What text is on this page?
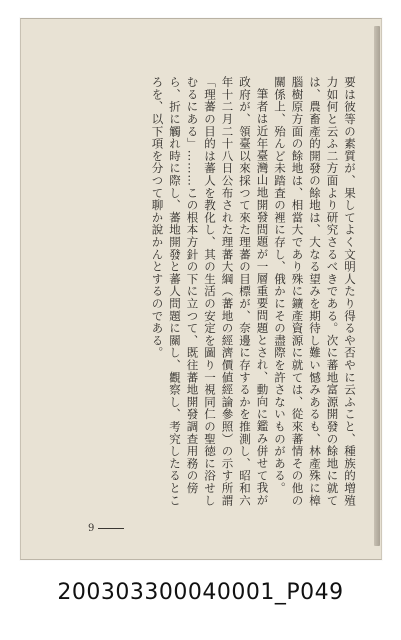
要は彼等の素質が、果してよく文明人たり得るや否やに云ふこと、種族的増殖力如何と云ふ二方面より研究さるべきである。次に蕃地富源開發の餘地に就ては、農畜產的開發の餘地は、大なる望みを期待し難い憾みあるも、林產殊に樟腦樹原方面の餘地は、相當大であり殊に鑛產資源に就ては、從來蕃情その他の關係上、殆んど未踏査の裡に存し、俄かにその盡際を許さないものがある。

筆者は近年臺灣山地開發問題が一層重要問題とされ、動向に鑑み併せて我が政府が、領臺以來採つて來た理蕃の目標が、奈邊に存するかを推測し、昭和六年十二月二十八日公布された理蕃大綱（蕃地の經濟價値經論參照）の示す所謂「理蕃の目的は蕃人を教化し、其の生活の安定を圖り一視同仁の聖徳に浴せしむるにある」………この根本方針の下に立つて、既往蕃地開發調查用務の傍ら、折に觸れ時に際し、蕃地開發と蕃人問題に關し、觀察し、考究したるところを、以下項を分つて聊か說かんとするのである。

9
200303300040001_P049
